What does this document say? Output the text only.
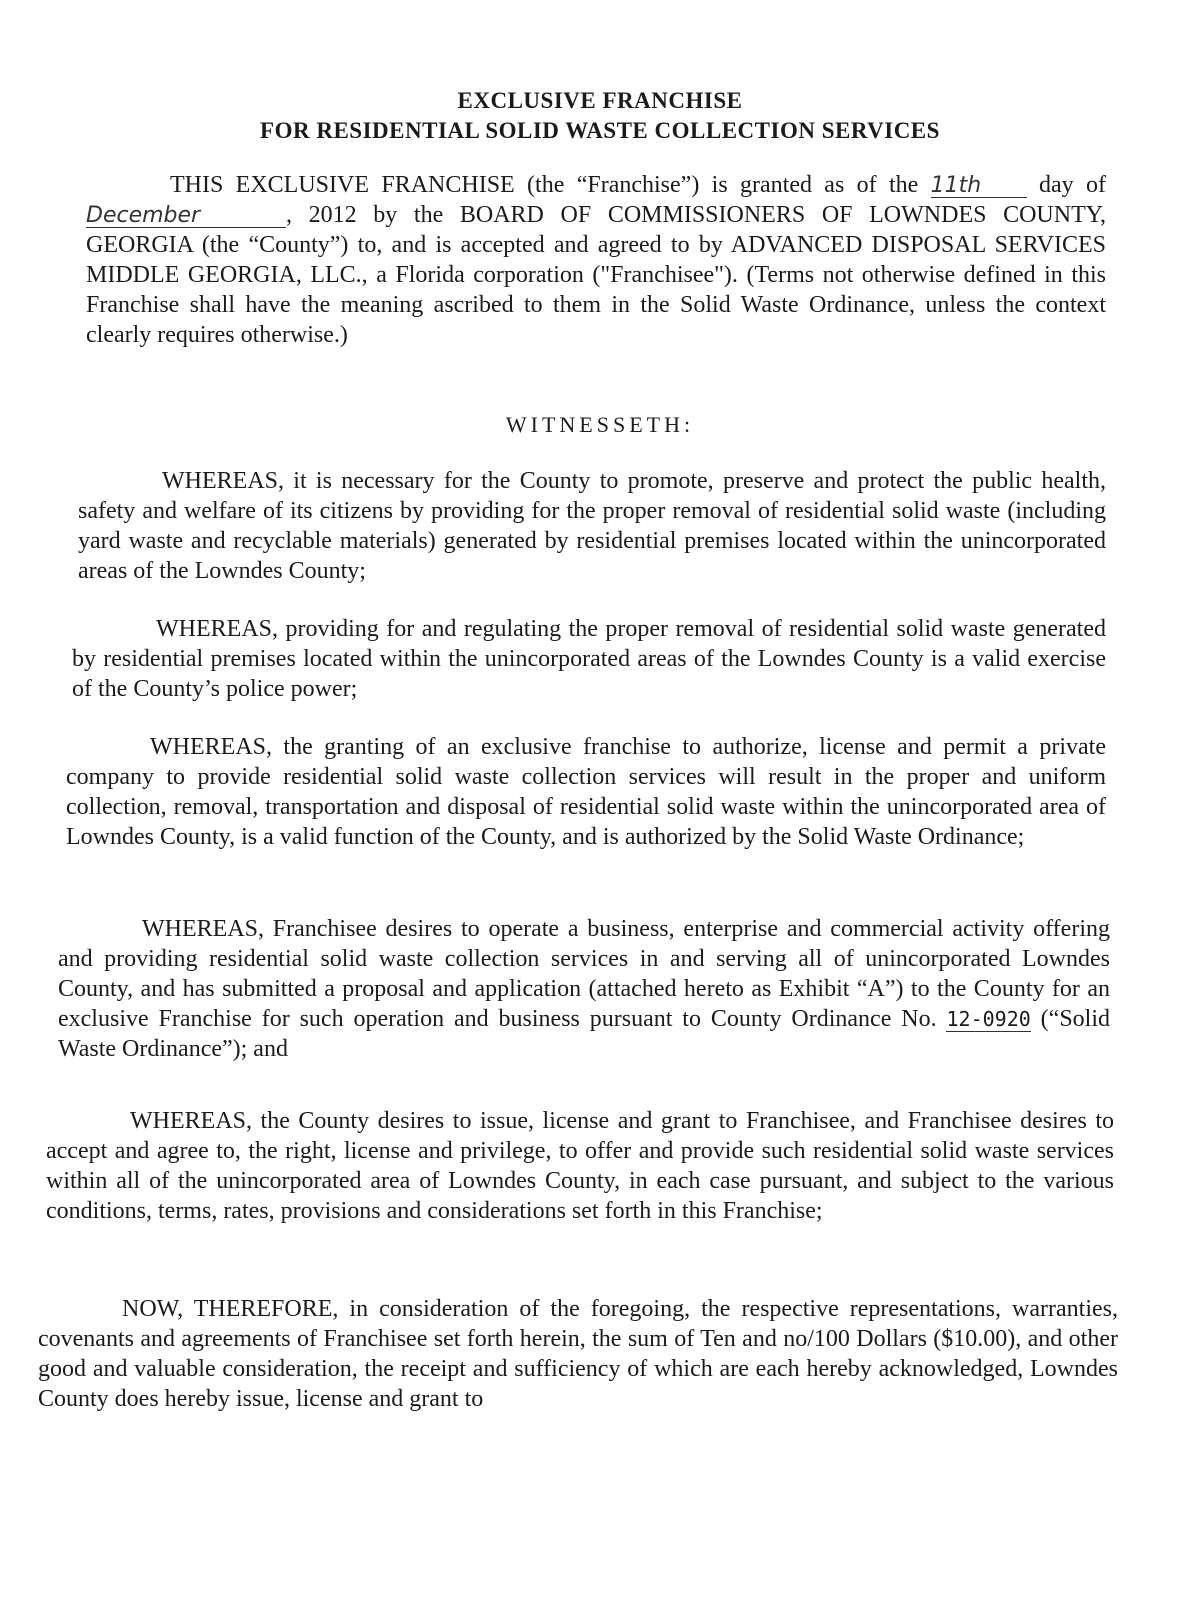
EXCLUSIVE FRANCHISE
FOR RESIDENTIAL SOLID WASTE COLLECTION SERVICES
THIS EXCLUSIVE FRANCHISE (the “Franchise”) is granted as of the 11th day of December	, 2012 by the BOARD OF COMMISSIONERS OF LOWNDES COUNTY, GEORGIA (the “County”) to, and is accepted and agreed to by ADVANCED DISPOSAL SERVICES MIDDLE GEORGIA, LLC., a Florida corporation ("Franchisee"). (Terms not otherwise defined in this Franchise shall have the meaning ascribed to them in the Solid Waste Ordinance, unless the context clearly requires otherwise.)
WITNESSETH:
WHEREAS, it is necessary for the County to promote, preserve and protect the public health, safety and welfare of its citizens by providing for the proper removal of residential solid waste (including yard waste and recyclable materials) generated by residential premises located within the unincorporated areas of the Lowndes County;
WHEREAS, providing for and regulating the proper removal of residential solid waste generated by residential premises located within the unincorporated areas of the Lowndes County is a valid exercise of the County’s police power;
WHEREAS, the granting of an exclusive franchise to authorize, license and permit a private company to provide residential solid waste collection services will result in the proper and uniform collection, removal, transportation and disposal of residential solid waste within the unincorporated area of Lowndes County, is a valid function of the County, and is authorized by the Solid Waste Ordinance;
WHEREAS, Franchisee desires to operate a business, enterprise and commercial activity offering and providing residential solid waste collection services in and serving all of unincorporated Lowndes County, and has submitted a proposal and application (attached hereto as Exhibit “A”) to the County for an exclusive Franchise for such operation and business pursuant to County Ordinance No. 12-0920 (“Solid Waste Ordinance”); and
WHEREAS, the County desires to issue, license and grant to Franchisee, and Franchisee desires to accept and agree to, the right, license and privilege, to offer and provide such residential solid waste services within all of the unincorporated area of Lowndes County, in each case pursuant, and subject to the various conditions, terms, rates, provisions and considerations set forth in this Franchise;
NOW, THEREFORE, in consideration of the foregoing, the respective representations, warranties, covenants and agreements of Franchisee set forth herein, the sum of Ten and no/100 Dollars ($10.00), and other good and valuable consideration, the receipt and sufficiency of which are each hereby acknowledged, Lowndes County does hereby issue, license and grant to
